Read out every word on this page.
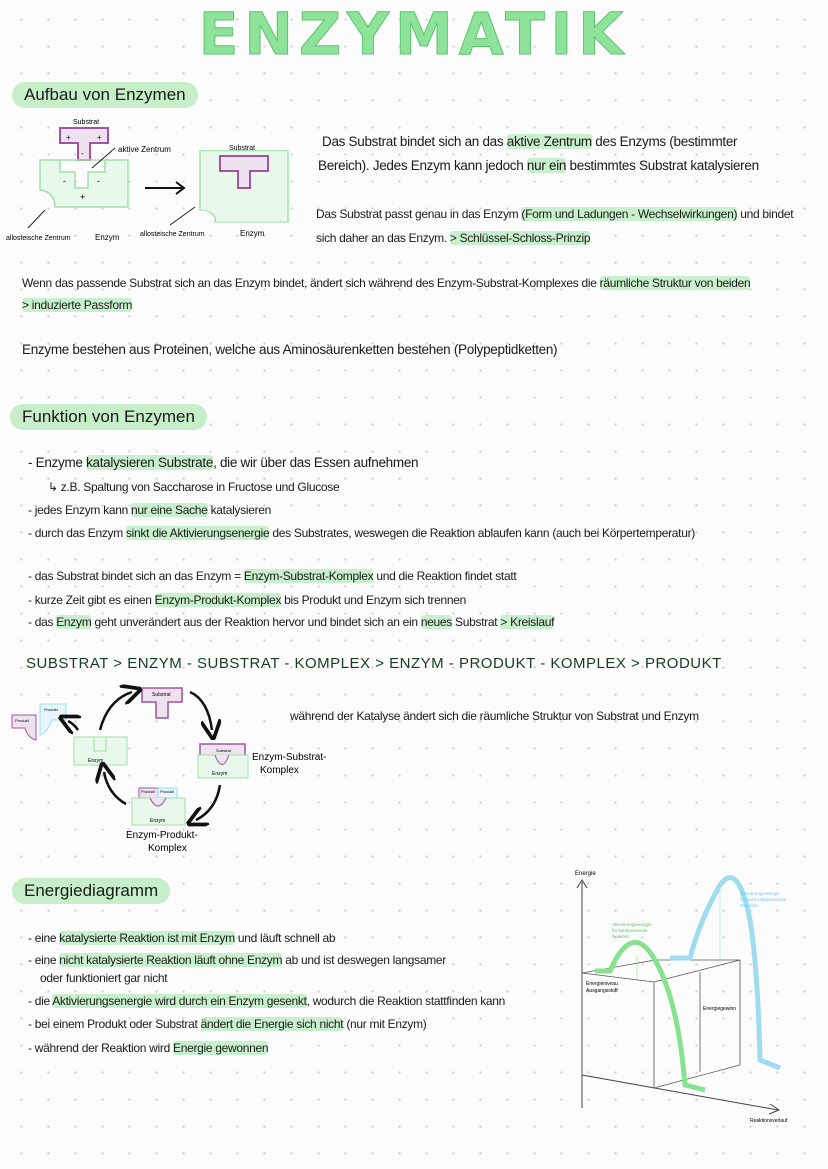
ENZYMATIK
Aufbau von Enzymen
Substrat
+	+
-
-	-
+
aktive Zentrum
allosteische Zentrum	Enzym
Substrat
allosteische Zentrum	Enzym
Das Substrat bindet sich an das aktive Zentrum des Enzyms (bestimmter
Bereich). Jedes Enzym kann jedoch nur ein bestimmtes Substrat katalysieren
Das Substrat passt genau in das Enzym (Form und Ladungen - Wechselwirkungen) und bindet
sich daher an das Enzym. > Schlüssel-Schloss-Prinzip
Wenn das passende Substrat sich an das Enzym bindet, ändert sich während des Enzym-Substrat-Komplexes die räumliche Struktur von beiden
> induzierte Passform
Enzyme bestehen aus Proteinen, welche aus Aminosäurenketten bestehen (Polypeptidketten)
Funktion von Enzymen
- Enzyme katalysieren Substrate, die wir über das Essen aufnehmen
↳ z.B. Spaltung von Saccharose in Fructose und Glucose
- jedes Enzym kann nur eine Sache katalysieren
- durch das Enzym sinkt die Aktivierungsenergie des Substrates, weswegen die Reaktion ablaufen kann (auch bei Körpertemperatur)
- das Substrat bindet sich an das Enzym = Enzym-Substrat-Komplex und die Reaktion findet statt
- kurze Zeit gibt es einen Enzym-Produkt-Komplex bis Produkt und Enzym sich trennen
- das Enzym geht unverändert aus der Reaktion hervor und bindet sich an ein neues Substrat > Kreislauf
SUBSTRAT > ENZYM - SUBSTRAT - KOMPLEX > ENZYM - PRODUKT - KOMPLEX > PRODUKT
Substrat
Enzym
Produkt
Produkt
Enzym
Substrat
Enzym-Substrat-
Komplex
Produkt Produkt
Enzym
Enzym-Produkt-
Komplex
während der Katalyse ändert sich die räumliche Struktur von Substrat und Enzym
Energiediagramm
- eine katalysierte Reaktion ist mit Enzym und läuft schnell ab
- eine nicht katalysierte Reaktion läuft ohne Enzym ab und ist deswegen langsamer
oder funktioniert gar nicht
- die Aktivierungsenergie wird durch ein Enzym gesenkt, wodurch die Reaktion stattfinden kann
- bei einem Produkt oder Substrat ändert die Energie sich nicht (nur mit Enzym)
- während der Reaktion wird Energie gewonnen
Energie
Reaktionsverlauf
Energieniveau
Ausgangsstoff
Energiegewinn
Aktivierungsenergie
für katalysierende
Reaktion
Aktivierungsenergie
für nicht katalysierende
Reaktion
